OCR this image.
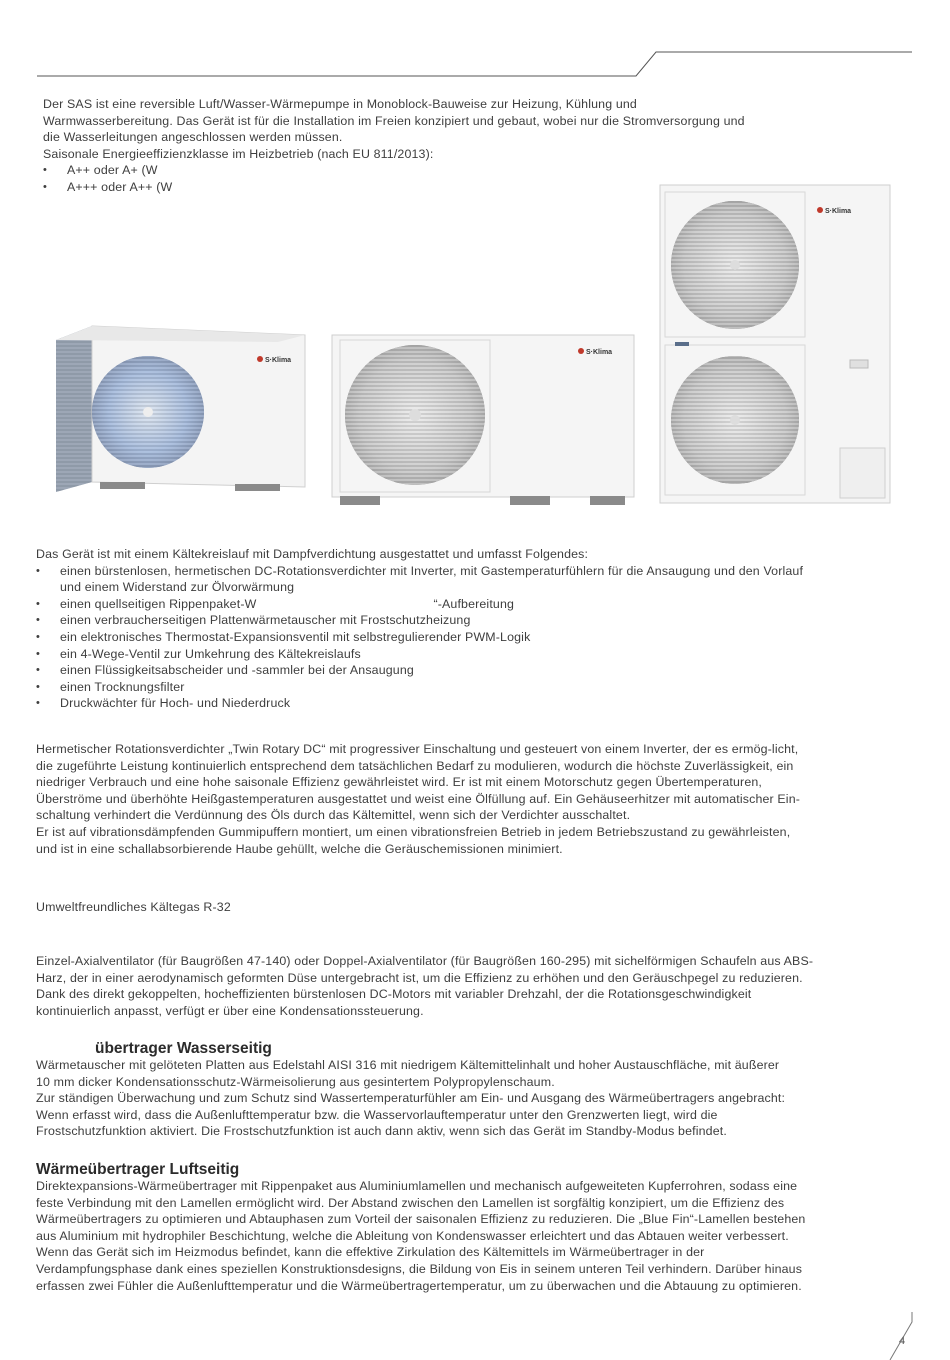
Der SAS ist eine reversible Luft/Wasser-Wärmepumpe in Monoblock-Bauweise zur Heizung, Kühlung und
Warmwasserbereitung. Das Gerät ist für die Installation im Freien konzipiert und gebaut, wobei nur die Stromversorgung und
die Wasserleitungen angeschlossen werden müssen.
Saisonale Energieeffizienzklasse im Heizbetrieb (nach EU 811/2013):
• A++ oder A+ (W
• A+++ oder A++ (W
S·Klima
S·Klima
S·Klima
Das Gerät ist mit einem Kältekreislauf mit Dampfverdichtung ausgestattet und umfasst Folgendes:
• einen bürstenlosen, hermetischen DC-Rotationsverdichter mit Inverter, mit Gastemperaturfühlern für die Ansaugung und den Vorlauf
und einem Widerstand zur Ölvorwärmung
• einen quellseitigen Rippenpaket-W	“-Aufbereitung
• einen verbraucherseitigen Plattenwärmetauscher mit Frostschutzheizung
• ein elektronisches Thermostat-Expansionsventil mit selbstregulierender PWM-Logik
• ein 4-Wege-Ventil zur Umkehrung des Kältekreislaufs
• einen Flüssigkeitsabscheider und -sammler bei der Ansaugung
• einen Trocknungsfilter
• Druckwächter für Hoch- und Niederdruck
Hermetischer Rotationsverdichter „Twin Rotary DC“ mit progressiver Einschaltung und gesteuert von einem Inverter, der es ermög-licht,
die zugeführte Leistung kontinuierlich entsprechend dem tatsächlichen Bedarf zu modulieren, wodurch die höchste Zuverlässigkeit, ein
niedriger Verbrauch und eine hohe saisonale Effizienz gewährleistet wird. Er ist mit einem Motorschutz gegen Übertemperaturen,
Überströme und überhöhte Heißgastemperaturen ausgestattet und weist eine Ölfüllung auf. Ein Gehäuseerhitzer mit automatischer Ein-
schaltung verhindert die Verdünnung des Öls durch das Kältemittel, wenn sich der Verdichter ausschaltet.
Er ist auf vibrationsdämpfenden Gummipuffern montiert, um einen vibrationsfreien Betrieb in jedem Betriebszustand zu gewährleisten,
und ist in eine schallabsorbierende Haube gehüllt, welche die Geräuschemissionen minimiert.
Umweltfreundliches Kältegas R-32
Einzel-Axialventilator (für Baugrößen 47-140) oder Doppel-Axialventilator (für Baugrößen 160-295) mit sichelförmigen Schaufeln aus ABS-
Harz, der in einer aerodynamisch geformten Düse untergebracht ist, um die Effizienz zu erhöhen und den Geräuschpegel zu reduzieren.
Dank des direkt gekoppelten, hocheffizienten bürstenlosen DC-Motors mit variabler Drehzahl, der die Rotationsgeschwindigkeit
kontinuierlich anpasst, verfügt er über eine Kondensationssteuerung.
übertrager Wasserseitig
Wärmetauscher mit gelöteten Platten aus Edelstahl AISI 316 mit niedrigem Kältemittelinhalt und hoher Austauschfläche, mit äußerer
10 mm dicker Kondensationsschutz-Wärmeisolierung aus gesintertem Polypropylenschaum.
Zur ständigen Überwachung und zum Schutz sind Wassertemperaturfühler am Ein- und Ausgang des Wärmeübertragers angebracht:
Wenn erfasst wird, dass die Außenlufttemperatur bzw. die Wasservorlauftemperatur unter den Grenzwerten liegt, wird die
Frostschutzfunktion aktiviert. Die Frostschutzfunktion ist auch dann aktiv, wenn sich das Gerät im Standby-Modus befindet.
Wärmeübertrager Luftseitig
Direktexpansions-Wärmeübertrager mit Rippenpaket aus Aluminiumlamellen und mechanisch aufgeweiteten Kupferrohren, sodass eine
feste Verbindung mit den Lamellen ermöglicht wird. Der Abstand zwischen den Lamellen ist sorgfältig konzipiert, um die Effizienz des
Wärmeübertragers zu optimieren und Abtauphasen zum Vorteil der saisonalen Effizienz zu reduzieren. Die „Blue Fin“-Lamellen bestehen
aus Aluminium mit hydrophiler Beschichtung, welche die Ableitung von Kondenswasser erleichtert und das Abtauen weiter verbessert.
Wenn das Gerät sich im Heizmodus befindet, kann die effektive Zirkulation des Kältemittels im Wärmeübertrager in der
Verdampfungsphase dank eines speziellen Konstruktionsdesigns, die Bildung von Eis in seinem unteren Teil verhindern. Darüber hinaus
erfassen zwei Fühler die Außenlufttemperatur und die Wärmeübertragertemperatur, um zu überwachen und die Abtauung zu optimieren.
4
